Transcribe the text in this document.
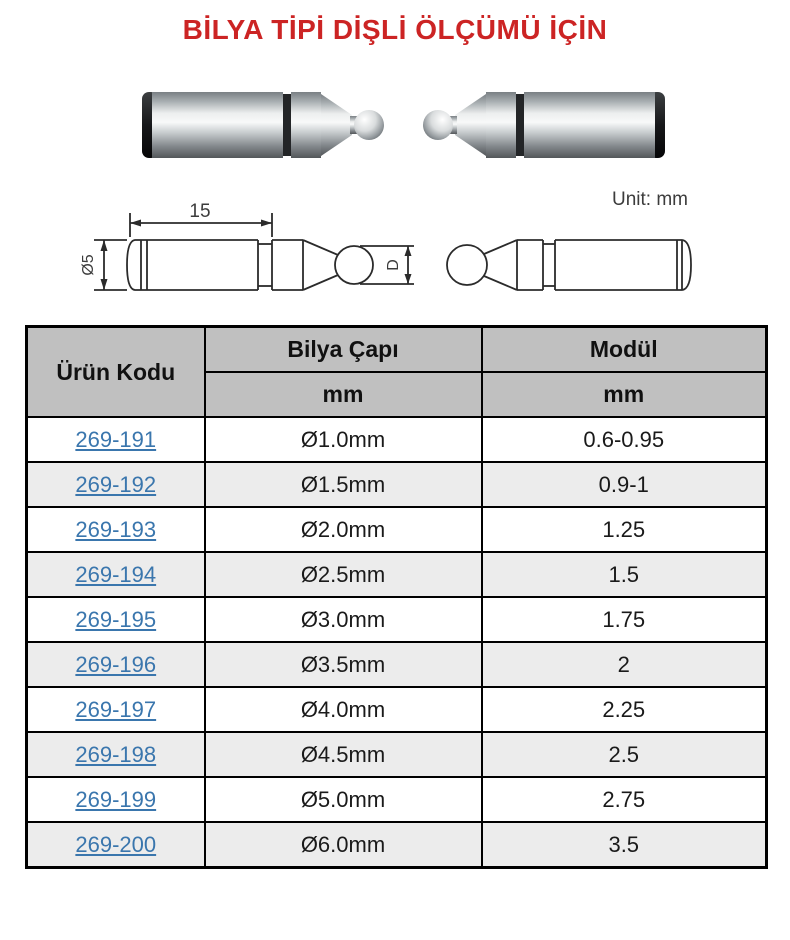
BİLYA TİPİ DİŞLİ ÖLÇÜMÜ İÇİN
15
Ø5	D
Unit: mm
Ürün Kodu	Bilya Çapı	Modül
	mm	mm
269-191	Ø1.0mm	0.6-0.95
269-192	Ø1.5mm	0.9-1
269-193	Ø2.0mm	1.25
269-194	Ø2.5mm	1.5
269-195	Ø3.0mm	1.75
269-196	Ø3.5mm	2
269-197	Ø4.0mm	2.25
269-198	Ø4.5mm	2.5
269-199	Ø5.0mm	2.75
269-200	Ø6.0mm	3.5
